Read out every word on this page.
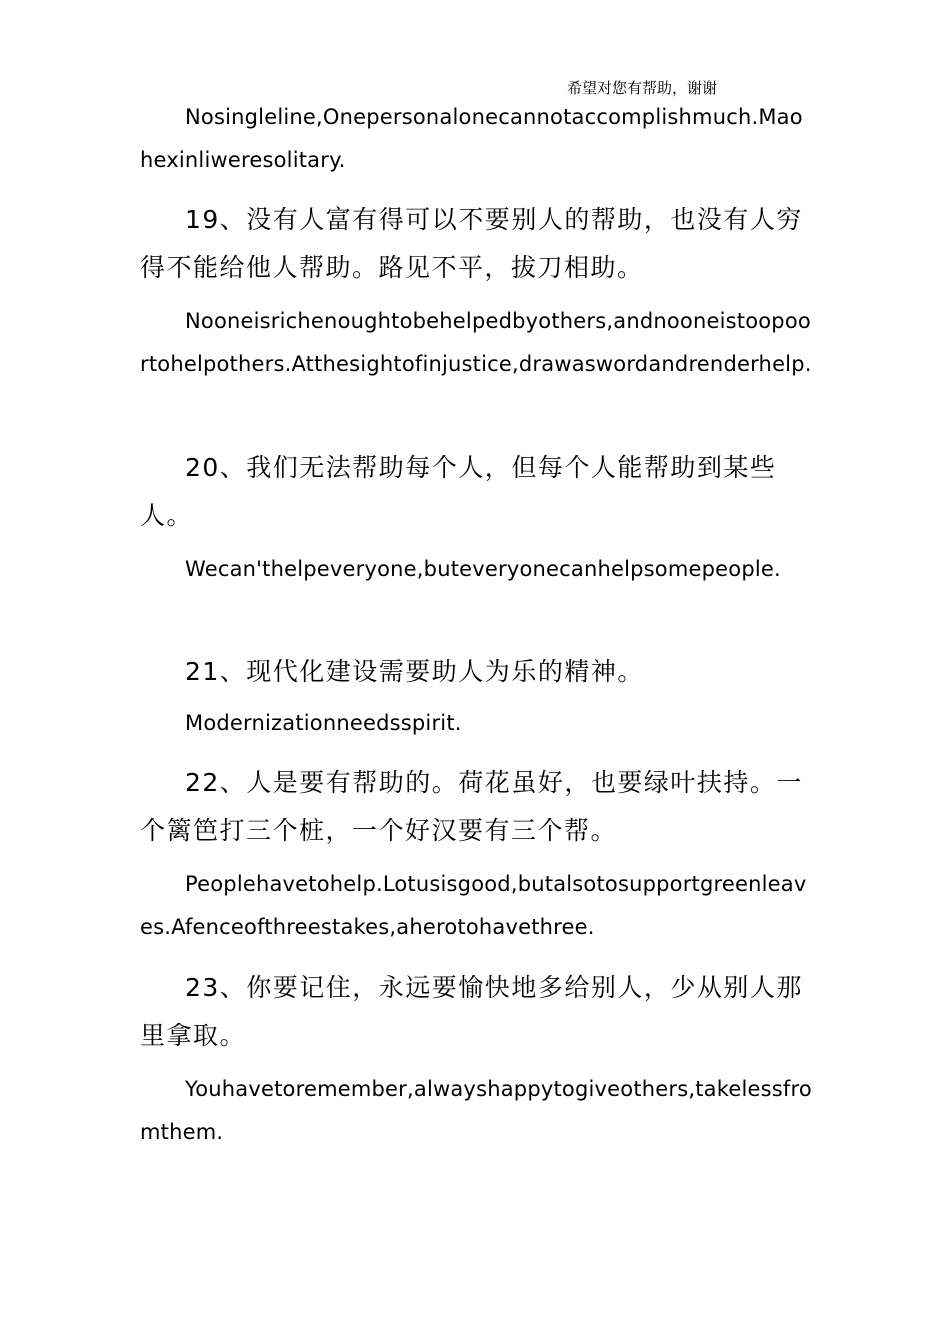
希望对您有帮助，谢谢

Nosingleline,Onepersonalonecannotaccomplishmuch.Maohexinliweresolitary.

19、没有人富有得可以不要别人的帮助，也没有人穷得不能给他人帮助。路见不平，拔刀相助。

Nooneisrichenoughtobehelpedbyothers,andnooneistoopoortohelpothers.Atthesightofinjustice,drawaswordandrenderhelp.

20、我们无法帮助每个人，但每个人能帮助到某些人。

Wecan'thelpeveryone,buteveryonecanhelpsomepeople.

21、现代化建设需要助人为乐的精神。

Modernizationneedsspirit.

22、人是要有帮助的。荷花虽好，也要绿叶扶持。一个篱笆打三个桩，一个好汉要有三个帮。

Peoplehavetohelp.Lotusisgood,butalsotosupportgreenleaves.Afenceofthreestakes,aherotohavethree.

23、你要记住，永远要愉快地多给别人，少从别人那里拿取。

Youhavetoremember,alwayshappytogiveothers,takelessfromthem.
